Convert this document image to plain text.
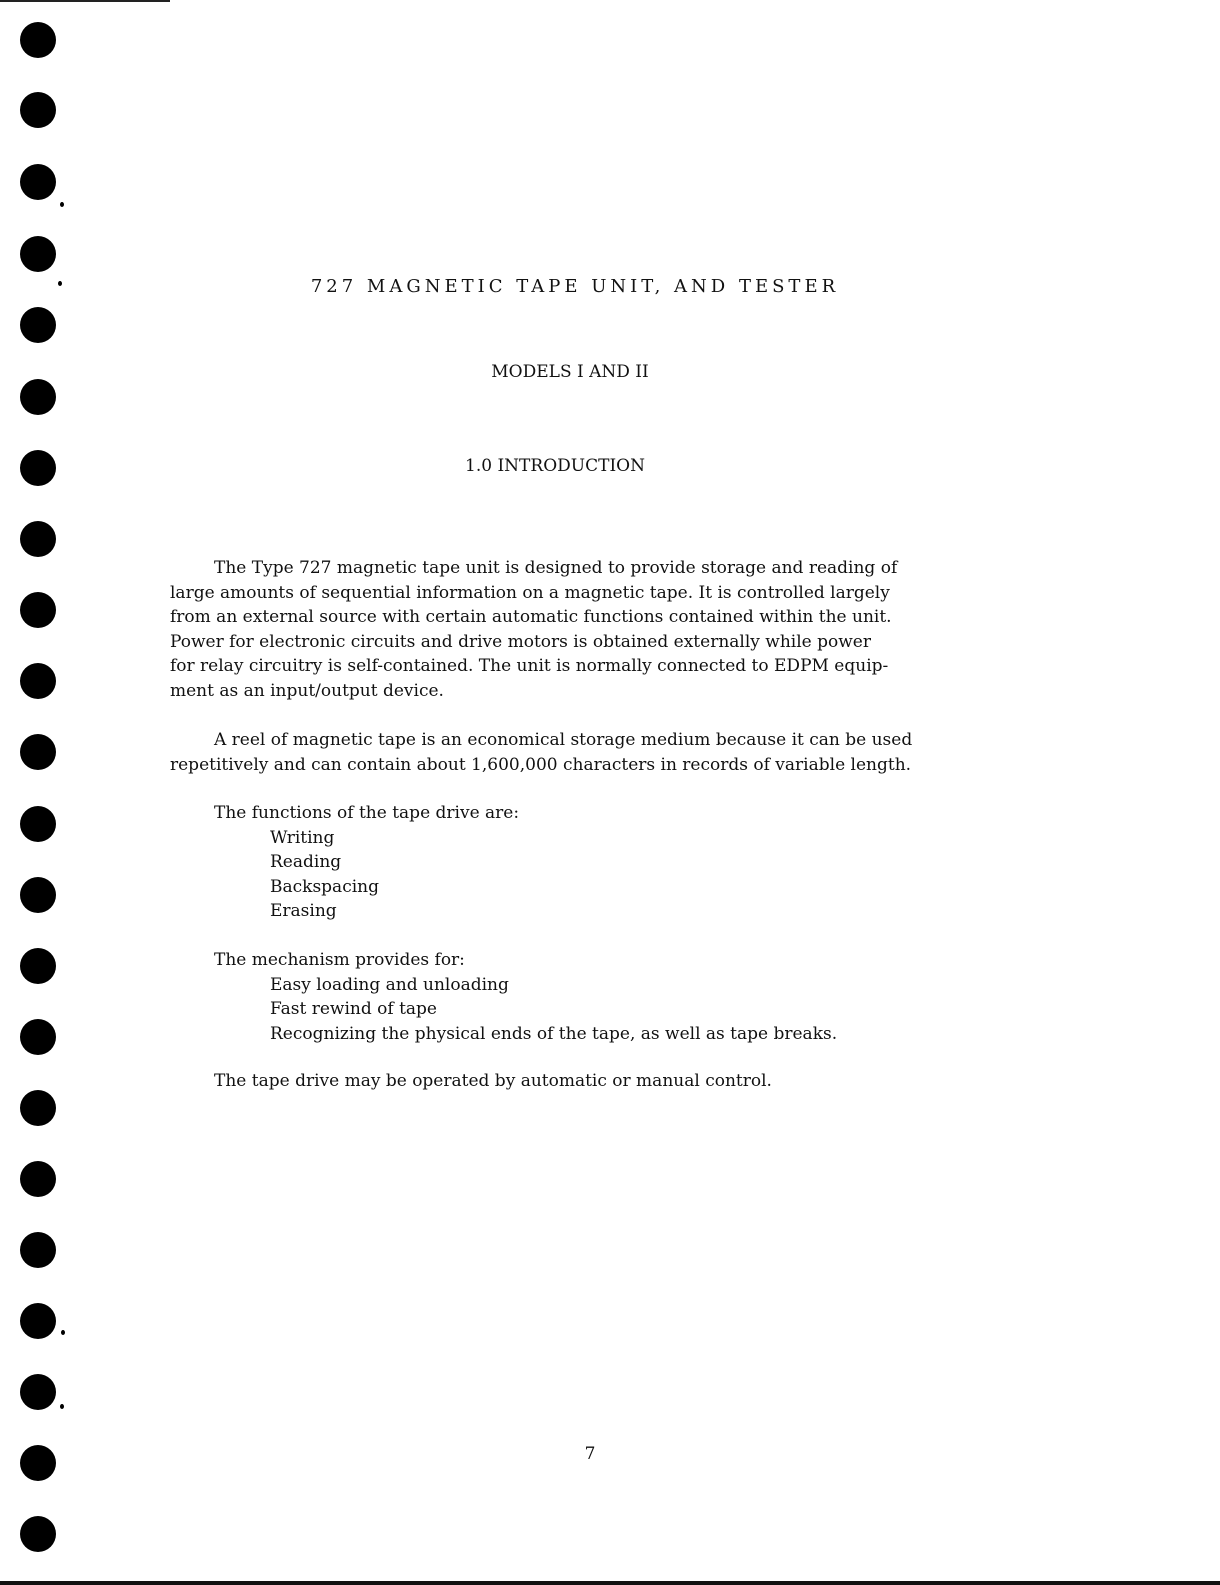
727 MAGNETIC TAPE UNIT, AND TESTER
MODELS I AND II
1.0 INTRODUCTION

The Type 727 magnetic tape unit is designed to provide storage and reading of

large amounts of sequential information on a magnetic tape. It is controlled largely

from an external source with certain automatic functions contained within the unit.

Power for electronic circuits and drive motors is obtained externally while power

for relay circuitry is self-contained. The unit is normally connected to EDPM equip-

ment as an input/output device.

A reel of magnetic tape is an economical storage medium because it can be used

repetitively and can contain about 1,600,000 characters in records of variable length.

The functions of the tape drive are:

Writing
Reading
Backspacing
Erasing

The mechanism provides for:

Easy loading and unloading
Fast rewind of tape
Recognizing the physical ends of the tape, as well as tape breaks.

The tape drive may be operated by automatic or manual control.

7
